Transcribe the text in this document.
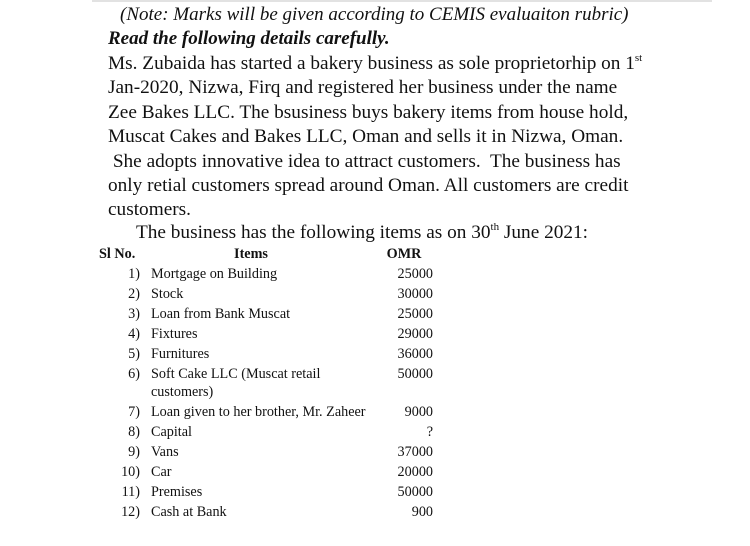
(Note: Marks will be given according to CEMIS evaluaiton rubric)
Read the following details carefully.
Ms. Zubaida has started a bakery business as sole proprietorhip on 1st
Jan-2020, Nizwa, Firq and registered her business under the name
Zee Bakes LLC. The bsusiness buys bakery items from house hold,
Muscat Cakes and Bakes LLC, Oman and sells it in Nizwa, Oman.
She adopts innovative idea to attract customers.  The business has
only retial customers spread around Oman. All customers are credit
customers.
The business has the following items as on 30th June 2021:
Sl No.	Items	OMR
1)	Mortgage on Building	25000
2)	Stock	30000
3)	Loan from Bank Muscat	25000
4)	Fixtures	29000
5)	Furnitures	36000
6)	Soft Cake LLC (Muscat retail customers)	50000
7)	Loan given to her brother, Mr. Zaheer	9000
8)	Capital	?
9)	Vans	37000
10)	Car	20000
11)	Premises	50000
12)	Cash at Bank	900
